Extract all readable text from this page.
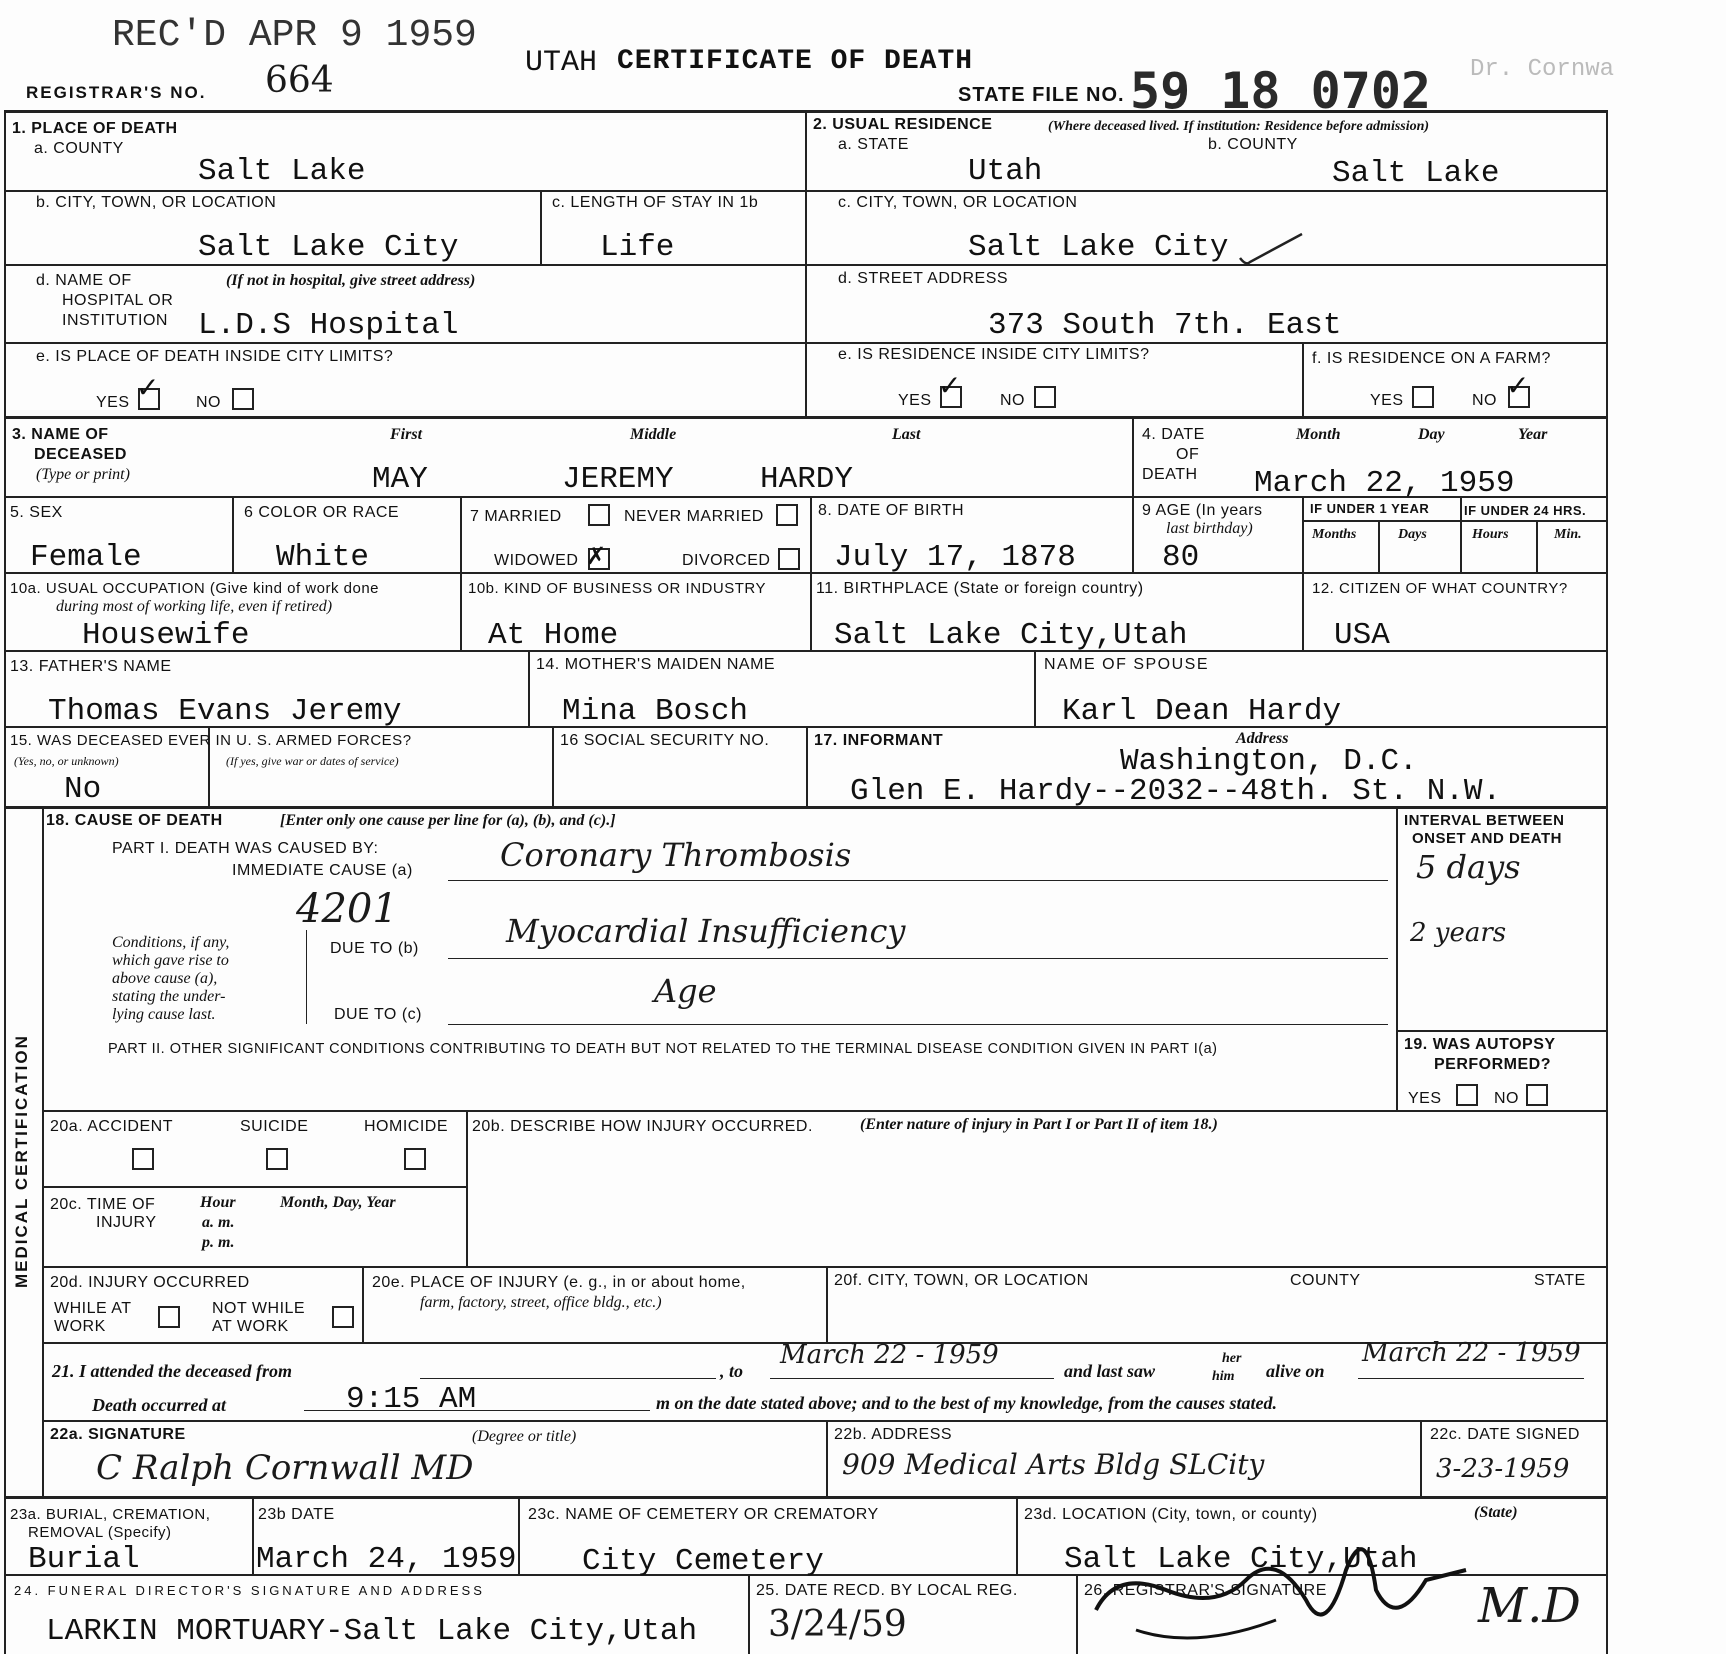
REC'D APR 9 1959
REGISTRAR'S NO. 664	UTAH CERTIFICATE OF DEATH
STATE FILE NO. 59 18 0702 Dr. Cornwa
1. PLACE OF DEATH
a. COUNTY
Salt Lake
2. USUAL RESIDENCE	(Where deceased lived. If institution: Residence before admission)
a. STATE
Utah
b. COUNTY
Salt Lake
b. CITY, TOWN, OR LOCATION
Salt Lake City
c. LENGTH OF STAY IN 1b
Life
c. CITY, TOWN, OR LOCATION
Salt Lake City
d. NAME OF
HOSPITAL OR
INSTITUTION
(If not in hospital, give street address)
L.D.S Hospital
d. STREET ADDRESS
373 South 7th. East
e. IS PLACE OF DEATH INSIDE CITY LIMITS?
YES ✓ NO
e. IS RESIDENCE INSIDE CITY LIMITS?
YES ✓ NO
f. IS RESIDENCE ON A FARM?
YES	NO ✓
3. NAME OF
DECEASED
(Type or print)
First	Middle	Last
MAY	JEREMY	HARDY
4. DATE
OF
DEATH
Month	Day	Year
March 22, 1959
5. SEX
Female
6 COLOR OR RACE
White
7 MARRIED	NEVER MARRIED
WIDOWED ✗	DIVORCED
8. DATE OF BIRTH
July 17, 1878
9 AGE (In years
last birthday)
80
IF UNDER 1 YEAR	IF UNDER 24 HRS.
Months	Days	Hours	Min.
10a. USUAL OCCUPATION (Give kind of work done
during most of working life, even if retired)
Housewife
10b. KIND OF BUSINESS OR INDUSTRY
At Home
11. BIRTHPLACE (State or foreign country)
Salt Lake City,Utah
12. CITIZEN OF WHAT COUNTRY?
USA
13. FATHER'S NAME
Thomas Evans Jeremy
14. MOTHER'S MAIDEN NAME
Mina Bosch
NAME OF SPOUSE
Karl Dean Hardy
15. WAS DECEASED EVER IN U. S. ARMED FORCES?
(Yes, no, or unknown)	(If yes, give war or dates of service)
No
16 SOCIAL SECURITY NO.	17. INFORMANT	Address
Washington, D.C.
Glen E. Hardy--2032--48th. St. N.W.
MEDICAL CERTIFICATION
18. CAUSE OF DEATH	[Enter only one cause per line for (a), (b), and (c).]
PART I. DEATH WAS CAUSED BY:
IMMEDIATE CAUSE (a)	Coronary Thrombosis
4201
Conditions, if any,
which gave rise to
above cause (a),
stating the under-
lying cause last.
DUE TO (b)	Myocardial Insufficiency
DUE TO (c)
Age
INTERVAL BETWEEN
ONSET AND DEATH
5 days
2 years
PART II. OTHER SIGNIFICANT CONDITIONS CONTRIBUTING TO DEATH BUT NOT RELATED TO THE TERMINAL DISEASE CONDITION GIVEN IN PART I(a)	19. WAS AUTOPSY
PERFORMED?
YES	NO
20a. ACCIDENT	SUICIDE	HOMICIDE 20b. DESCRIBE HOW INJURY OCCURRED.	(Enter nature of injury in Part I or Part II of item 18.)
20c. TIME OF
INJURY
Hour
a. m.
p. m.
Month, Day, Year
20d. INJURY OCCURRED
WHILE AT
WORK
NOT WHILE
AT WORK
20e. PLACE OF INJURY (e. g., in or about home,
farm, factory, street, office bldg., etc.)
20f. CITY, TOWN, OR LOCATION	COUNTY	STATE
21. I attended the deceased from	, to
March 22 - 1959
and last saw
her
him alive on
March 22 - 1959
Death occurred at	9:15 AM	m on the date stated above; and to the best of my knowledge, from the causes stated.
22a. SIGNATURE	(Degree or title)
C Ralph Cornwall MD
22b. ADDRESS
909 Medical Arts Bldg SLCity
22c. DATE SIGNED
3-23-1959
23a. BURIAL, CREMATION,
REMOVAL (Specify)
Burial
23b DATE
March 24, 1959
23c. NAME OF CEMETERY OR CREMATORY
City Cemetery
23d. LOCATION (City, town, or county)	(State)
Salt Lake City,Utah
24. FUNERAL DIRECTOR'S SIGNATURE AND ADDRESS
LARKIN MORTUARY-Salt Lake City,Utah
25. DATE RECD. BY LOCAL REG.
3/24/59
26. REGISTRAR'S SIGNATURE	M.D
